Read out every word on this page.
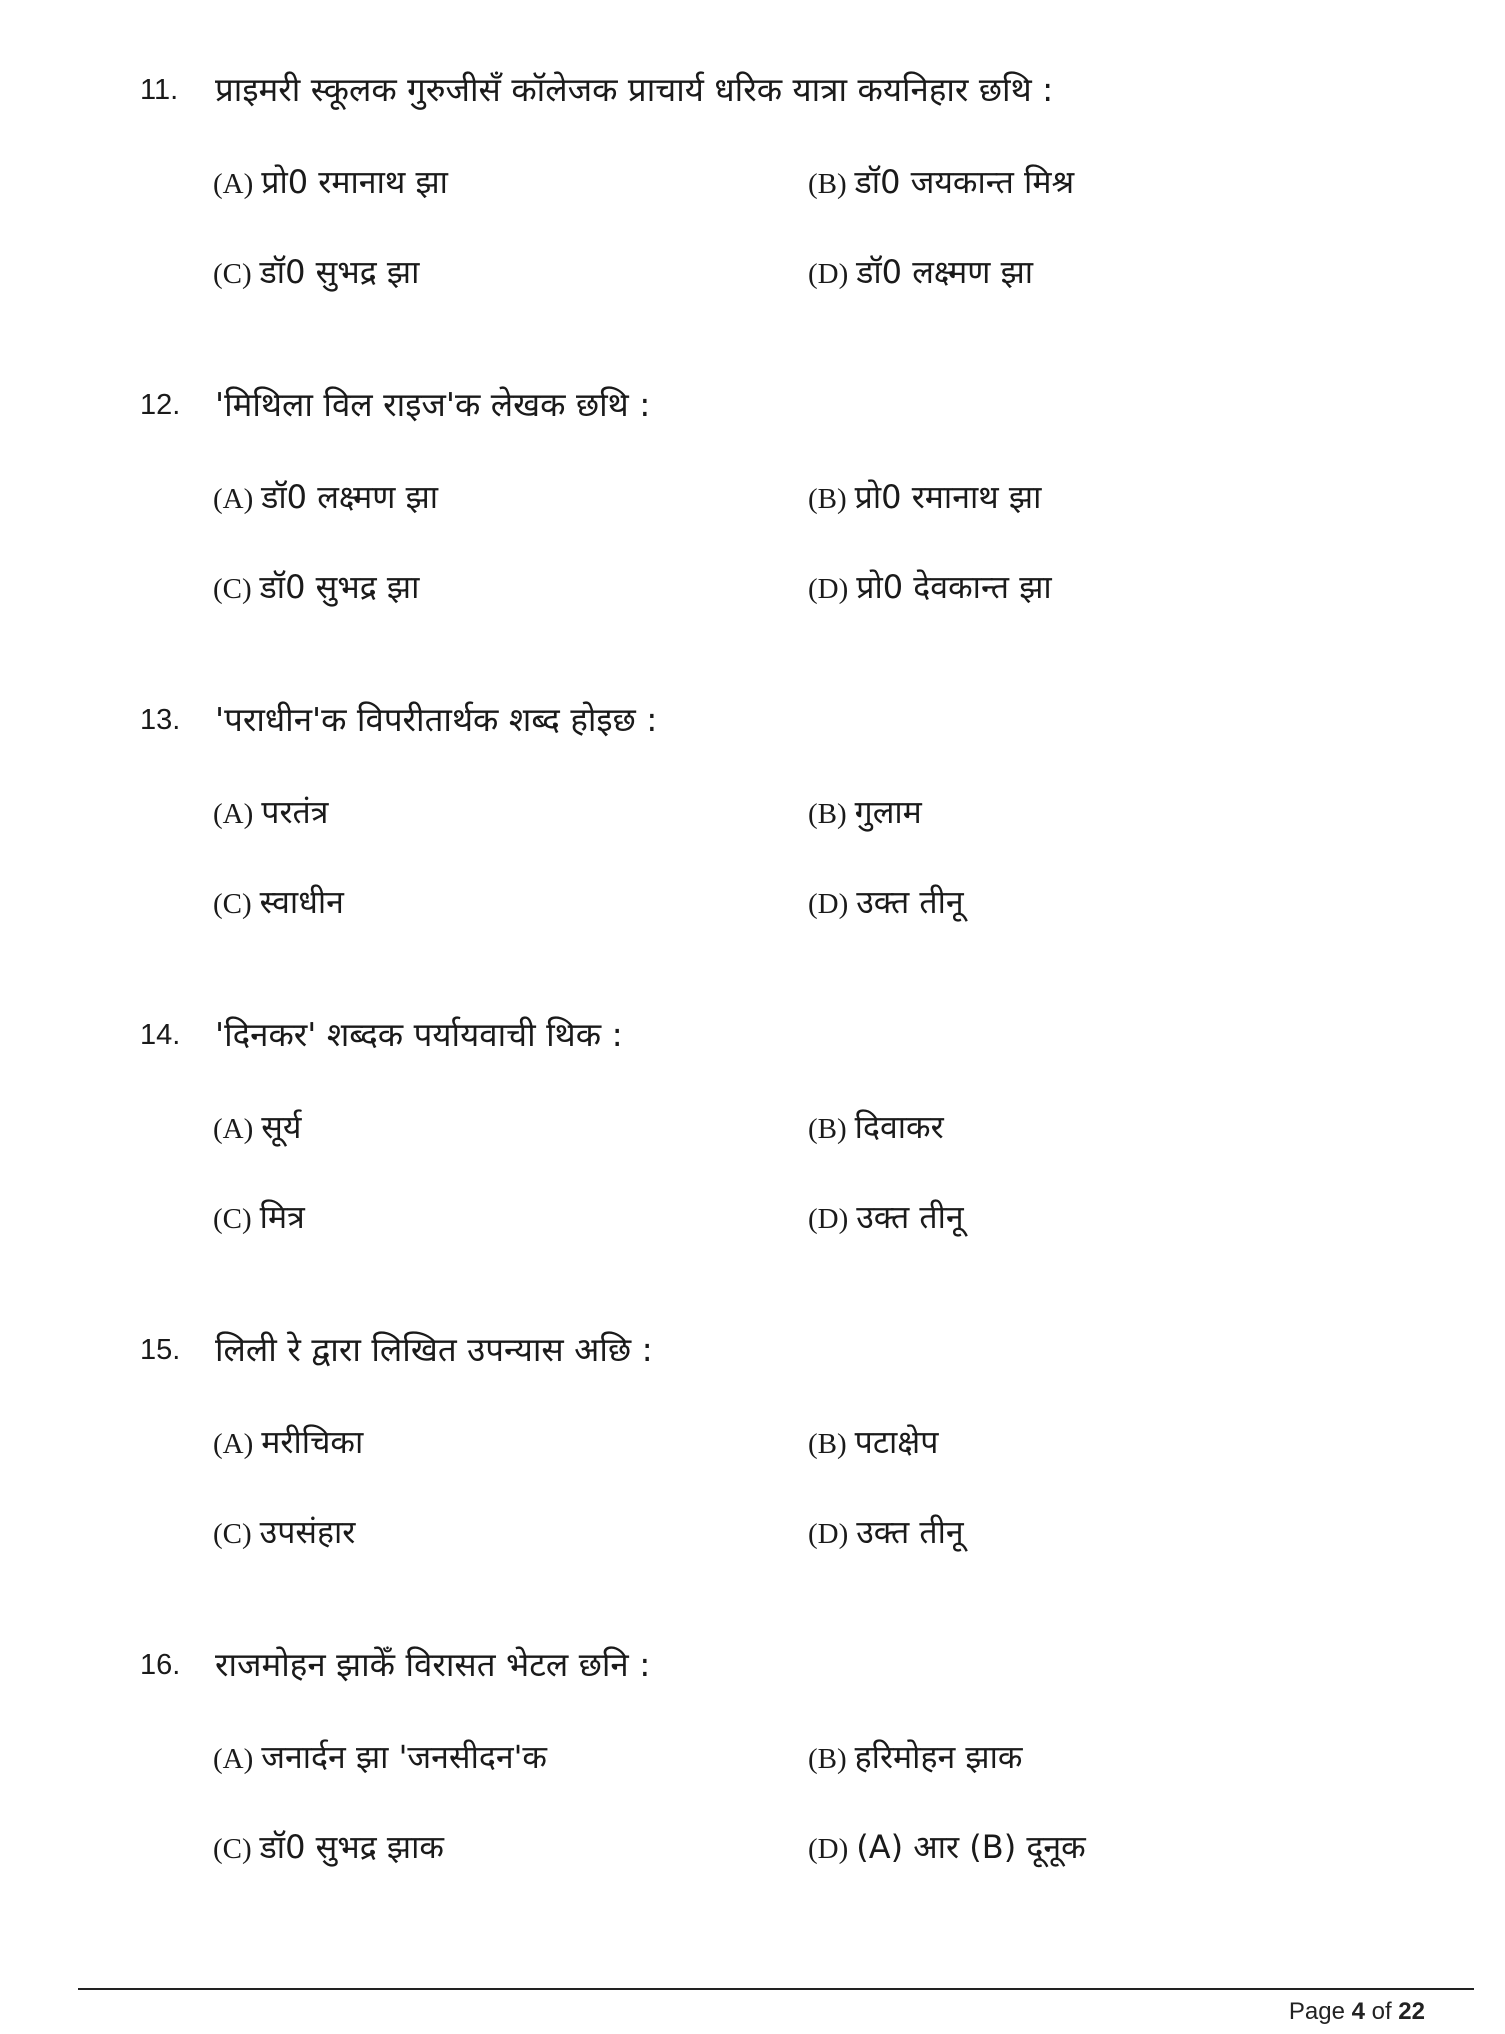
11. प्राइमरी स्कूलक गुरुजीसँ कॉलेजक प्राचार्य धरिक यात्रा कयनिहार छथि :
(A) प्रो0 रमानाथ झा	(B) डॉ0 जयकान्त मिश्र
(C) डॉ0 सुभद्र झा	(D) डॉ0 लक्ष्मण झा
12. 'मिथिला विल राइज'क लेखक छथि :
(A) डॉ0 लक्ष्मण झा	(B) प्रो0 रमानाथ झा
(C) डॉ0 सुभद्र झा	(D) प्रो0 देवकान्त झा
13. 'पराधीन'क विपरीतार्थक शब्द होइछ :
(A) परतंत्र	(B) गुलाम
(C) स्वाधीन	(D) उक्त तीनू
14. 'दिनकर' शब्दक पर्यायवाची थिक :
(A) सूर्य	(B) दिवाकर
(C) मित्र	(D) उक्त तीनू
15. लिली रे द्वारा लिखित उपन्यास अछि :
(A) मरीचिका	(B) पटाक्षेप
(C) उपसंहार	(D) उक्त तीनू
16. राजमोहन झाकेँ विरासत भेटल छनि :
(A) जनार्दन झा 'जनसीदन'क	(B) हरिमोहन झाक
(C) डॉ0 सुभद्र झाक	(D) (A) आर (B) दूनूक
Page 4 of 22
